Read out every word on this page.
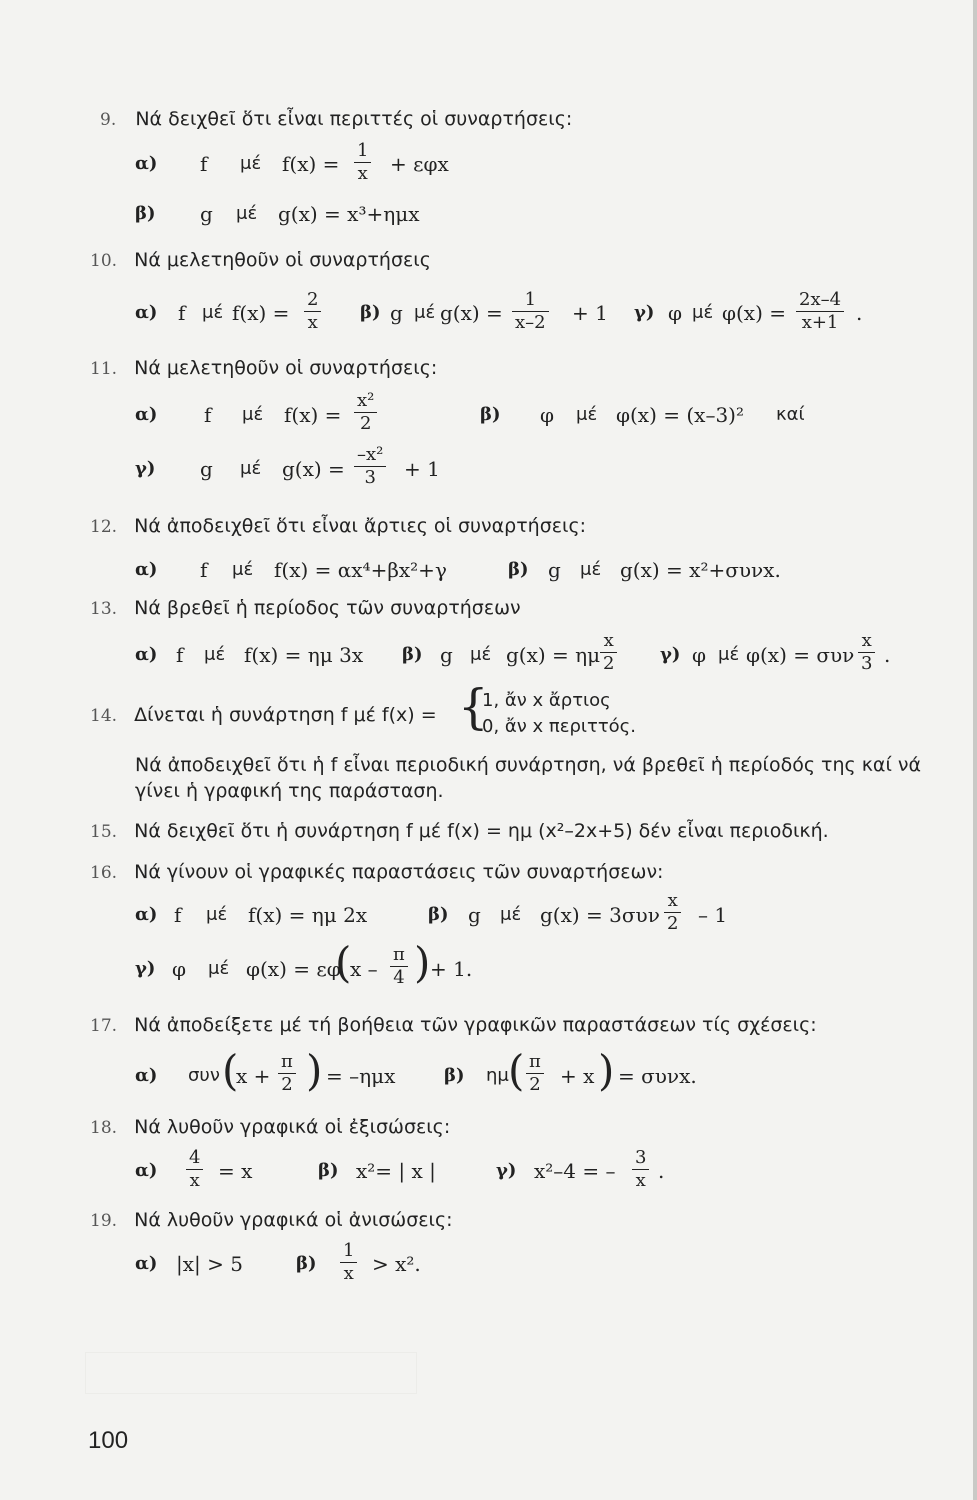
9. Νά δειχθεῖ ὅτι εἶναι περιττές οἱ συναρτήσεις:
α) f μέ $f(x) = \frac{1}{x} + \varepsilon\varphi x$
β) g μέ g(x) = x³+ημx
10. Νά μελετηθοῦν οἱ συναρτήσεις
α) f μέ $f(x) = \frac{2}{x} \beta$) g μέ $g(x) = \frac{1}{x-2} + 1$ γ) φ μέ $\varphi(x) = \frac{2x-4}{x+1}$ .
11. Νά μελετηθοῦν οἱ συναρτήσεις:
α) f μέ $f(x) = \frac{\text{x²}}{2}$	β) φ μέ φ(x) = (x–3)² καί
γ) g μέ $g(x) = \frac{\text{–x²}}{3} + 1$
12. Νά ἀποδειχθεῖ ὅτι εἶναι ἄρτιες οἱ συναρτήσεις:
α) f μέ f(x) = αx⁴+βx²+γ	β) g μέ g(x) = x²+συνx.
13. Νά βρεθεῖ ἡ περίοδος τῶν συναρτήσεων
α) f μέ f(x) = ημ 3x β) g μέ g(x) = ημ $\frac{x}{2} \gamma$) φ μέ φ(x) = συν $\frac{x}{3}$ .
14. Δίνεται ἡ συνάρτηση f μέ f(x) = {
1, ἄν x ἄρτιος
0, ἄν x περιττός.
Νά ἀποδειχθεῖ ὅτι ἡ f εἶναι περιοδική συνάρτηση, νά βρεθεῖ ἡ περίοδός της καί νά
γίνει ἡ γραφική της παράσταση.
15. Νά δειχθεῖ ὅτι ἡ συνάρτηση f μέ f(x) = ημ (x²–2x+5) δέν εἶναι περιοδική.
16. Νά γίνουν οἱ γραφικές παραστάσεις τῶν συναρτήσεων:
α) f μέ f(x) = ημ 2x	β) g μέ $g(x) = 3\sigma\upsilon\nu \frac{x}{2} - 1$
γ) φ μέ φ(x) = εφ
(
x – $\frac{\pi}{4}$ ) + 1.
17. Νά ἀποδείξετε μέ τή βοήθεια τῶν γραφικῶν παραστάσεων τίς σχέσεις:
α) συν (
$x + \frac{\pi}{2}$ ) = –ημx	β) ημ ( $\frac{\pi}{2} + x$ ) = συνx.
18. Νά λυθοῦν γραφικά οἱ ἐξισώσεις:
$\alpha) \frac{4}{x} = x$	β) x²= | x |	γ) x²–4 = – $\frac{3}{x}$ .
19. Νά λυθοῦν γραφικά οἱ ἀνισώσεις:
α) |x| > 5	$\beta) \frac{1}{x} > x^2$.
100
